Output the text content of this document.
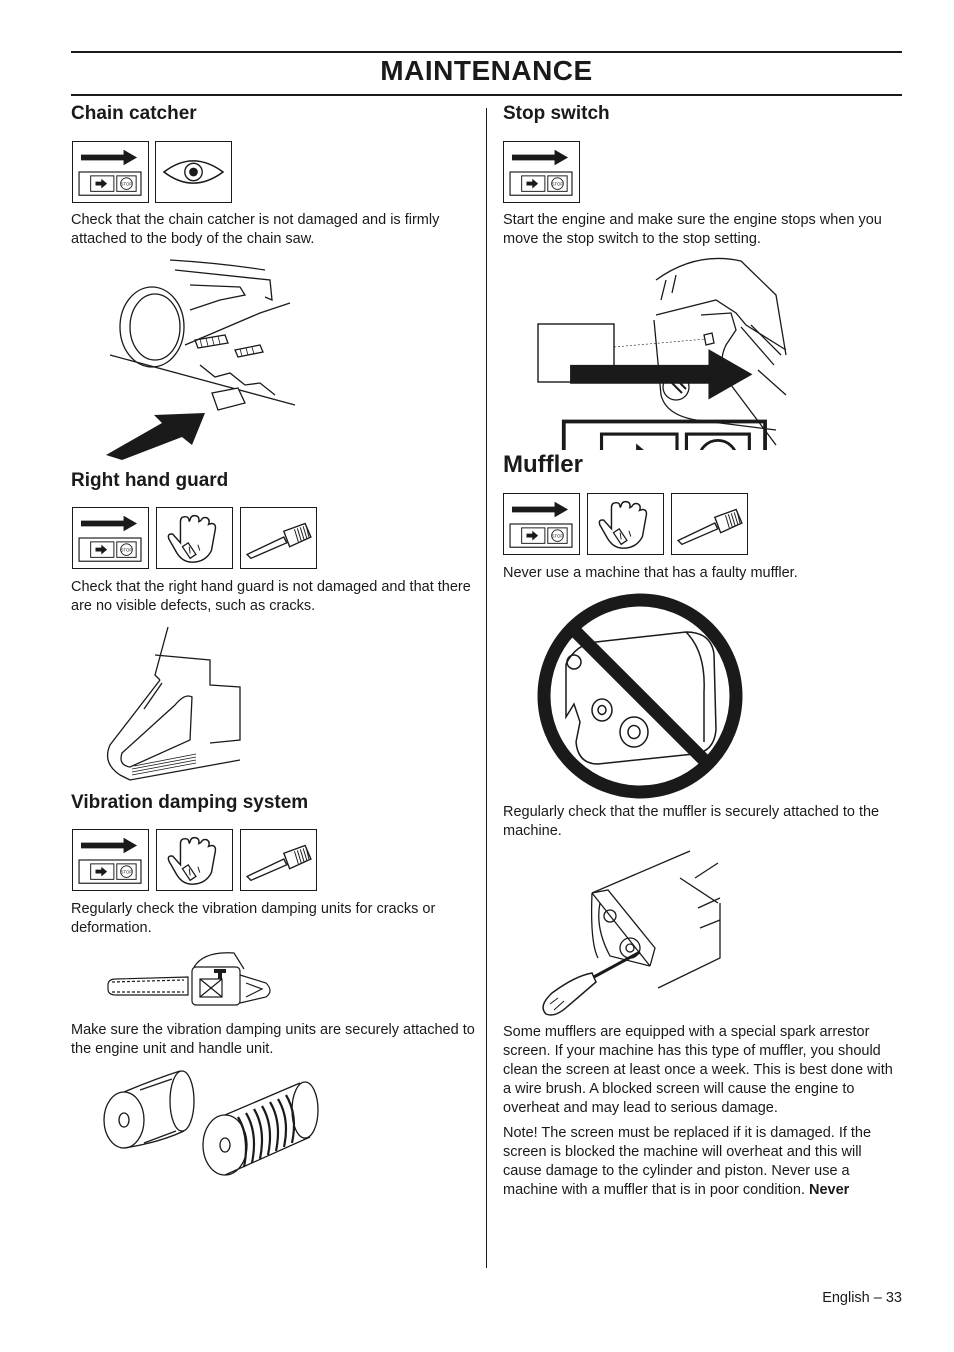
MAINTENANCE
Chain catcher

Check that the chain catcher is not damaged and is firmly attached to the body of the chain saw.

Right hand guard

Check that the right hand guard is not damaged and that there are no visible defects, such as cracks.

Vibration damping system

Regularly check the vibration damping units for cracks or deformation.

Make sure the vibration damping units are securely attached to the engine unit and handle unit.

Stop switch

Start the engine and make sure the engine stops when you move the stop switch to the stop setting.

Muffler

Never use a machine that has a faulty muffler.

Regularly check that the muffler is securely attached to the machine.

Some mufflers are equipped with a special spark arrestor screen. If your machine has this type of muffler, you should clean the screen at least once a week. This is best done with a wire brush. A blocked screen will cause the engine to overheat and may lead to serious damage.

Note! The screen must be replaced if it is damaged. If the screen is blocked the machine will overheat and this will cause damage to the cylinder and piston. Never use a machine with a muffler that is in poor condition. Never

English – 33
